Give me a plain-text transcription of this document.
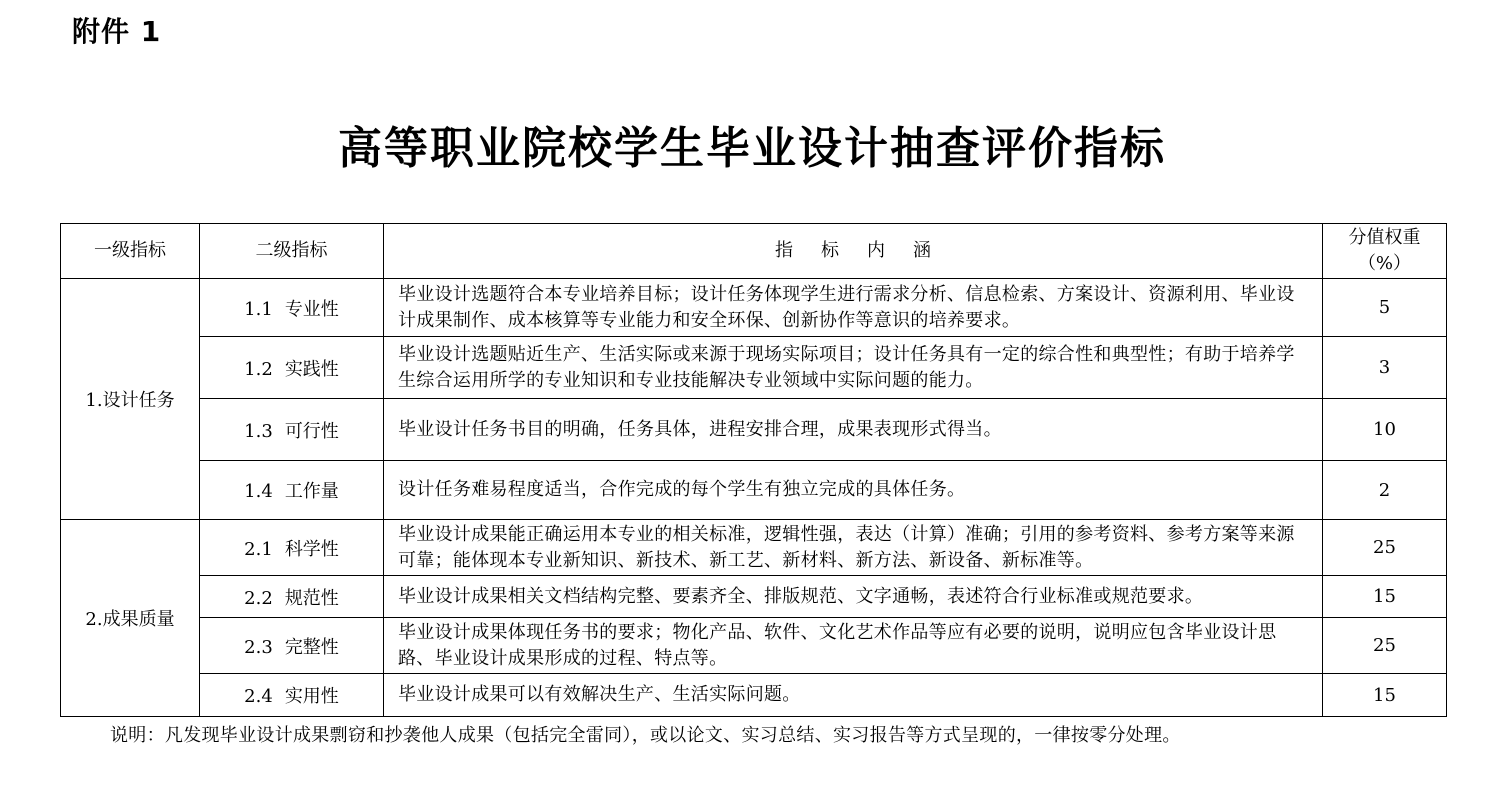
附件 1
高等职业院校学生毕业设计抽查评价指标
一级指标	二级指标	指标内涵	分值权重
（%）

1.设计任务	1.1 专业性	毕业设计选题符合本专业培养目标；设计任务体现学生进行需求分析、信息检索、方案设计、资源利用、毕业设计成果制作、成本核算等专业能力和安全环保、创新协作等意识的培养要求。	5
	1.2 实践性	毕业设计选题贴近生产、生活实际或来源于现场实际项目；设计任务具有一定的综合性和典型性；有助于培养学生综合运用所学的专业知识和专业技能解决专业领域中实际问题的能力。	3
	1.3 可行性	毕业设计任务书目的明确，任务具体，进程安排合理，成果表现形式得当。	10
	1.4 工作量	设计任务难易程度适当，合作完成的每个学生有独立完成的具体任务。	2
2.成果质量	2.1 科学性	毕业设计成果能正确运用本专业的相关标准，逻辑性强，表达（计算）准确；引用的参考资料、参考方案等来源可靠；能体现本专业新知识、新技术、新工艺、新材料、新方法、新设备、新标准等。	25
	2.2 规范性	毕业设计成果相关文档结构完整、要素齐全、排版规范、文字通畅，表述符合行业标准或规范要求。	15
	2.3 完整性	毕业设计成果体现任务书的要求；物化产品、软件、文化艺术作品等应有必要的说明，说明应包含毕业设计思路、毕业设计成果形成的过程、特点等。	25
	2.4 实用性	毕业设计成果可以有效解决生产、生活实际问题。	15
说明：凡发现毕业设计成果剽窃和抄袭他人成果（包括完全雷同），或以论文、实习总结、实习报告等方式呈现的，一律按零分处理。
